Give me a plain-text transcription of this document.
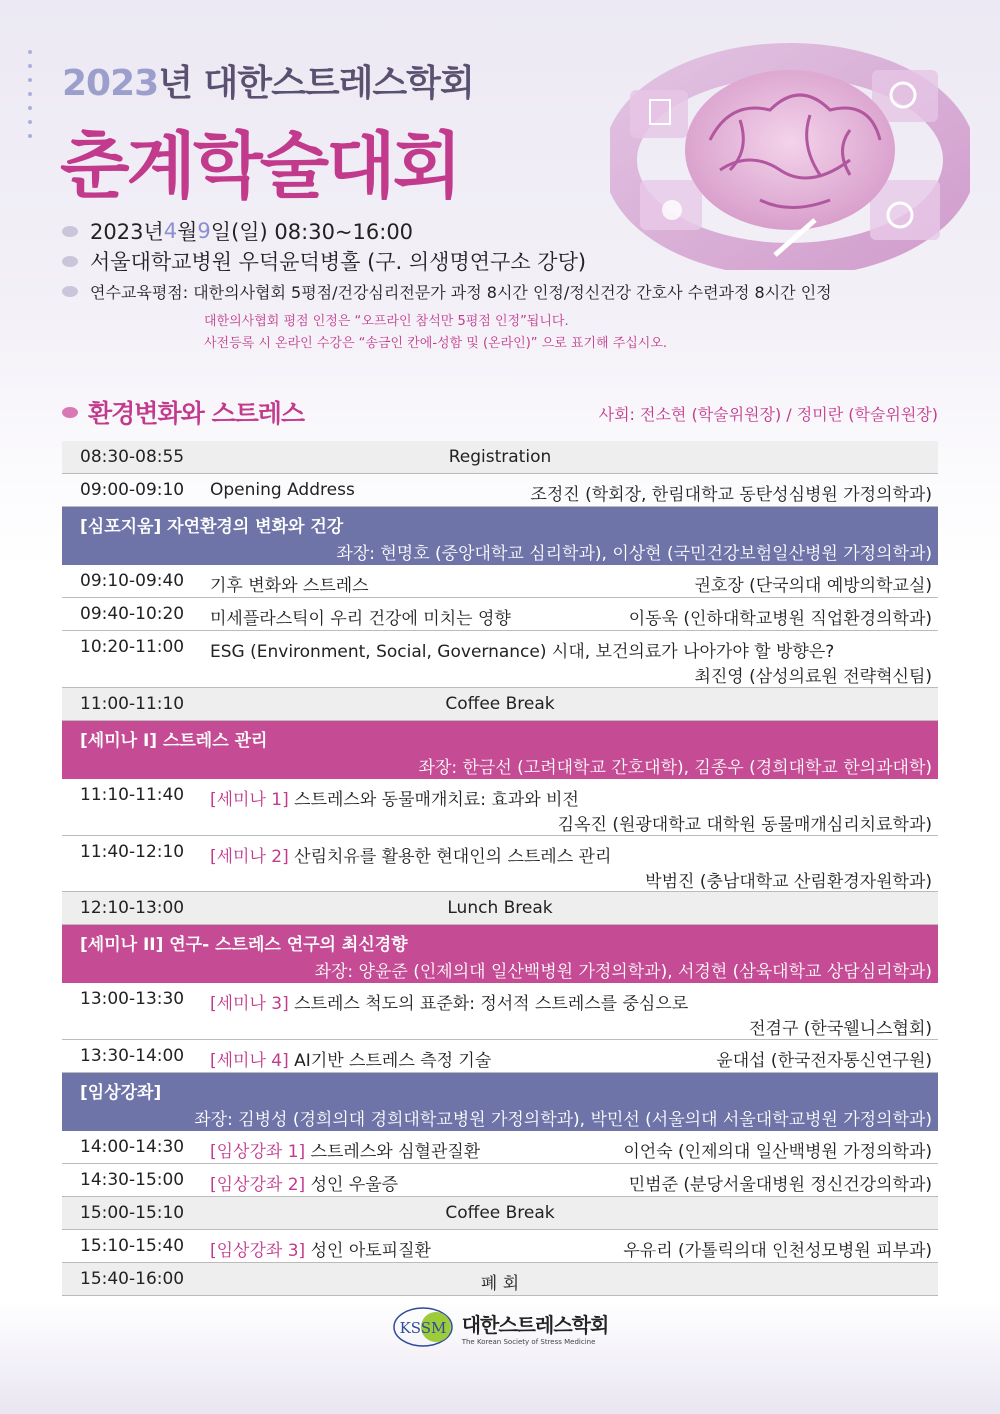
2023년 대한스트레스학회
춘계학술대회
2023년 4 월 9 일(일) 08:30~16:00
서울대학교병원 우덕윤덕병홀 (구. 의생명연구소 강당)
연수교육평점: 대한의사협회 5평점/건강심리전문가 과정 8시간 인정/정신건강 간호사 수련과정 8시간 인정
대한의사협회 평점 인정은 “오프라인 참석만 5평점 인정”됩니다.
사전등록 시 온라인 수강은 “송금인 칸에-성함 및 (온라인)” 으로 표기해 주십시오.
환경변화와 스트레스	사회: 전소현 (학술위원장) / 정미란 (학술위원장)
08:30-08:55	Registration
09:00-09:10 Opening Address	조정진 (학회장, 한림대학교 동탄성심병원 가정의학과)
[심포지움] 자연환경의 변화와 건강
좌장: 현명호 (중앙대학교 심리학과), 이상현 (국민건강보험일산병원 가정의학과)
09:10-09:40 기후 변화와 스트레스	권호장 (단국의대 예방의학교실)
09:40-10:20 미세플라스틱이 우리 건강에 미치는 영향	이동욱 (인하대학교병원 직업환경의학과)
10:20-11:00 ESG (Environment, Social, Governance) 시대, 보건의료가 나아가야 할 방향은?
최진영 (삼성의료원 전략혁신팀)
11:00-11:10	Coffee Break
[세미나 I] 스트레스 관리
좌장: 한금선 (고려대학교 간호대학), 김종우 (경희대학교 한의과대학)
11:10-11:40 [세미나 1] 스트레스와 동물매개치료: 효과와 비전
김옥진 (원광대학교 대학원 동물매개심리치료학과)
11:40-12:10 [세미나 2] 산림치유를 활용한 현대인의 스트레스 관리
박범진 (충남대학교 산림환경자원학과)
12:10-13:00	Lunch Break
[세미나 II] 연구- 스트레스 연구의 최신경향
좌장: 양윤준 (인제의대 일산백병원 가정의학과), 서경현 (삼육대학교 상담심리학과)
13:00-13:30 [세미나 3] 스트레스 척도의 표준화: 정서적 스트레스를 중심으로
전겸구 (한국웰니스협회)
13:30-14:00 [세미나 4] AI기반 스트레스 측정 기술	윤대섭 (한국전자통신연구원)
[임상강좌]
좌장: 김병성 (경희의대 경희대학교병원 가정의학과), 박민선 (서울의대 서울대학교병원 가정의학과)
14:00-14:30 [임상강좌 1] 스트레스와 심혈관질환	이언숙 (인제의대 일산백병원 가정의학과)
14:30-15:00 [임상강좌 2] 성인 우울증	민범준 (분당서울대병원 정신건강의학과)
15:00-15:10	Coffee Break
15:10-15:40 [임상강좌 3] 성인 아토피질환	우유리 (가톨릭의대 인천성모병원 피부과)
15:40-16:00	폐 회
KSSM 대한스트레스학회
The Korean Society of Stress Medicine
